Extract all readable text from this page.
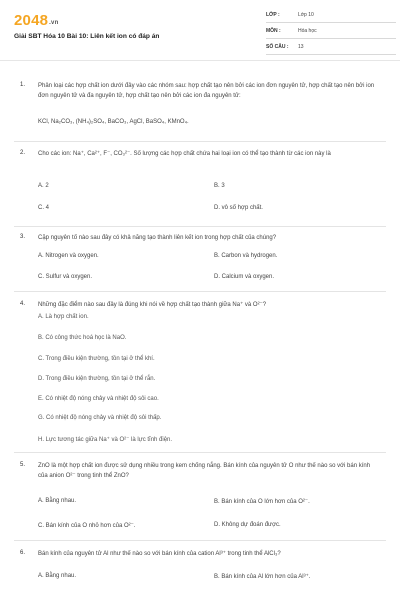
2048.vn
Giải SBT Hóa 10 Bài 10: Liên kết ion có đáp án
LỚP :	Lớp 10
MÔN :	Hóa học
SỐ CÂU : 13
1. Phân loại các hợp chất ion dưới đây vào các nhóm sau: hợp chất tạo nên bởi các ion đơn nguyên tử, hợp chất tạo nên bởi ion đơn nguyên tử và đa nguyên tử, hợp chất tạo nên bởi các ion đa nguyên tử:
KCl, Na₂CO₃, (NH₄)₂SO₄, BaCO₃, AgCl, BaSO₄, KMnO₄.
2. Cho các ion: Na⁺, Ca²⁺, F⁻, CO₃²⁻. Số lượng các hợp chất chứa hai loại ion có thể tạo thành từ các ion này là
A. 2	B. 3
C. 4	D. vô số hợp chất.
3. Cặp nguyên tố nào sau đây có khả năng tạo thành liên kết ion trong hợp chất của chúng?
A. Nitrogen và oxygen.	B. Carbon và hydrogen.
C. Sulfur và oxygen.	D. Calcium và oxygen.
4. Những đặc điểm nào sau đây là đúng khi nói về hợp chất tạo thành giữa Na⁺ và O²⁻?
A. Là hợp chất ion.
B. Có công thức hoá học là NaO.
C. Trong điều kiện thường, tồn tại ở thể khí.
D. Trong điều kiện thường, tồn tại ở thể rắn.
E. Có nhiệt độ nóng chảy và nhiệt độ sôi cao.
G. Có nhiệt độ nóng chảy và nhiệt độ sôi thấp.
H. Lực tương tác giữa Na⁺ và O²⁻ là lực tĩnh điện.
5. ZnO là một hợp chất ion được sử dụng nhiều trong kem chống nắng. Bán kính của nguyên tử O như thế nào so với bán kính của anion O²⁻ trong tinh thể ZnO?
A. Bằng nhau.	B. Bán kính của O lớn hơn của O²⁻.
C. Bán kính của O nhỏ hơn của O²⁻.	D. Không dự đoán được.
6. Bán kính của nguyên tử Al như thế nào so với bán kính của cation Al³⁺ trong tinh thể AlCl₃?
A. Bằng nhau.	B. Bán kính của Al lớn hơn của Al³⁺.
